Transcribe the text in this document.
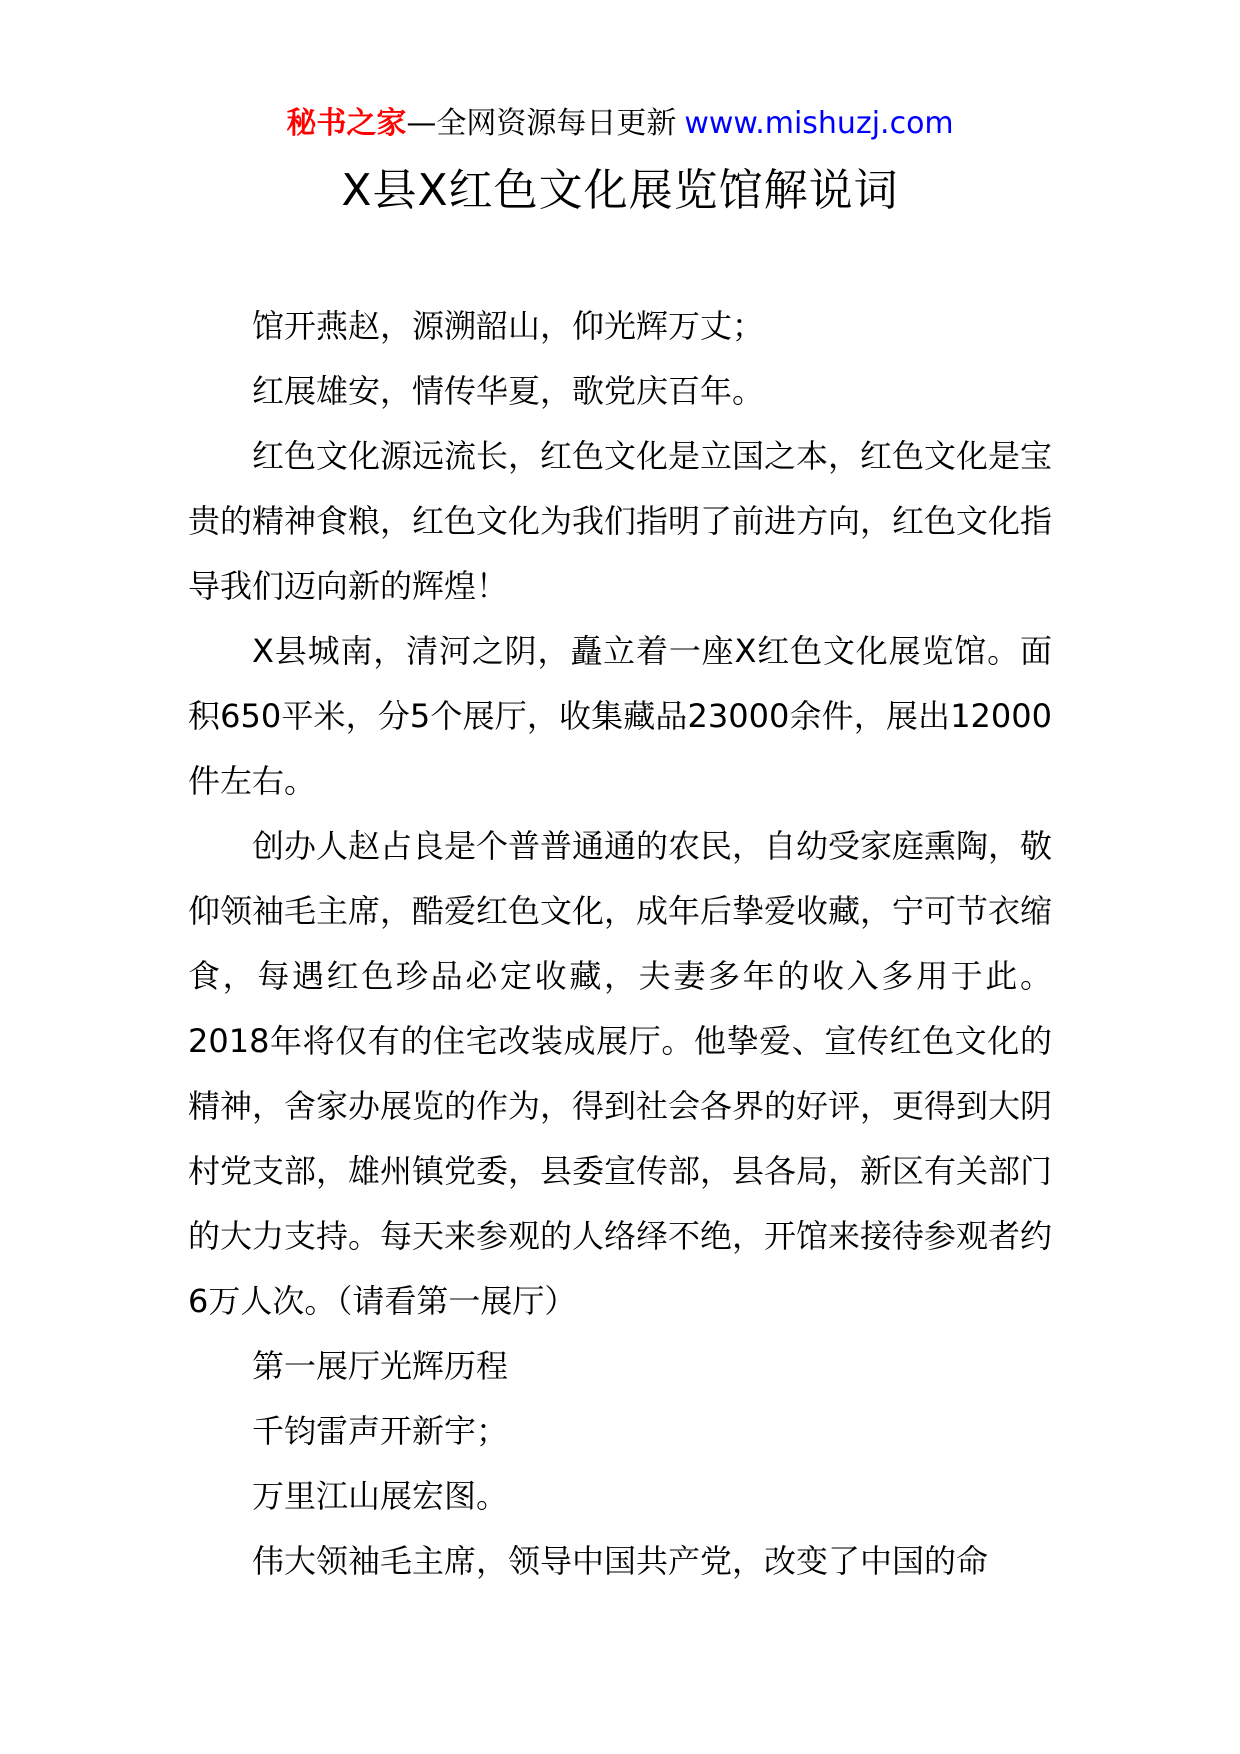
秘书之家—全网资源每日更新 www.mishuzj.com
X县X红色文化展览馆解说词

馆开燕赵，源溯韶山，仰光辉万丈；

红展雄安，情传华夏，歌党庆百年。

红色文化源远流长，红色文化是立国之本，红色文化是宝贵的精神食粮，红色文化为我们指明了前进方向，红色文化指导我们迈向新的辉煌！

X县城南，清河之阴，矗立着一座X红色文化展览馆。面积650平米，分5个展厅，收集藏品23000余件，展出12000件左右。

创办人赵占良是个普普通通的农民，自幼受家庭熏陶，敬仰领袖毛主席，酷爱红色文化，成年后挚爱收藏，宁可节衣缩食，每遇红色珍品必定收藏，夫妻多年的收入多用于此。2018年将仅有的住宅改装成展厅。他挚爱、宣传红色文化的精神，舍家办展览的作为，得到社会各界的好评，更得到大阴村党支部，雄州镇党委，县委宣传部，县各局，新区有关部门的大力支持。每天来参观的人络绎不绝，开馆来接待参观者约6万人次。（请看第一展厅）

第一展厅光辉历程

千钧雷声开新宇；

万里江山展宏图。

伟大领袖毛主席，领导中国共产党，改变了中国的命
